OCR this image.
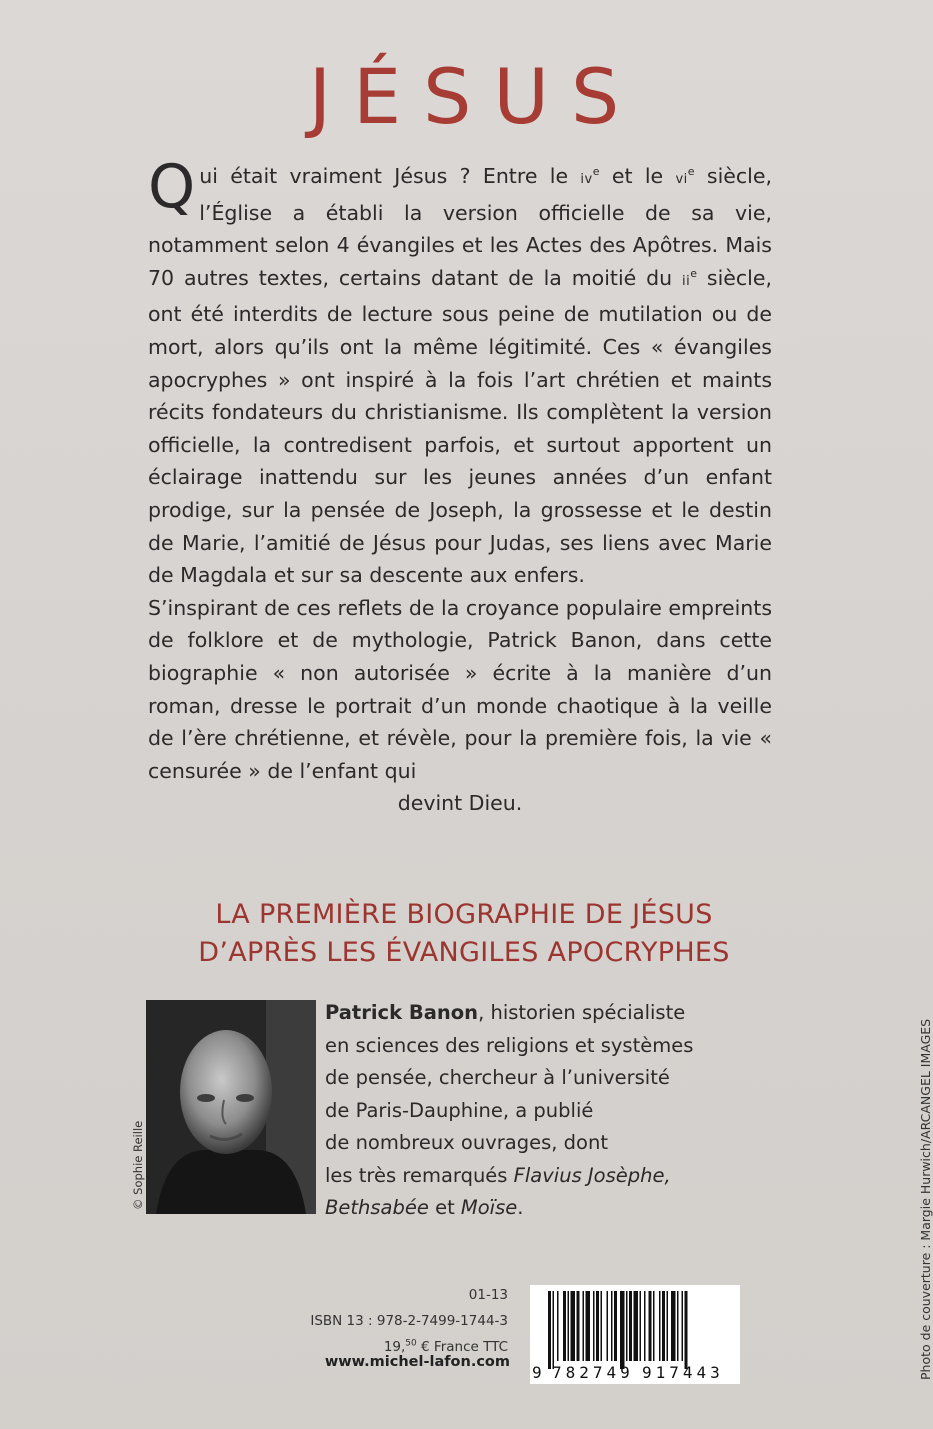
JÉSUS

Qui était vraiment Jésus ? Entre le $iv^e$ et le $vi^e$ siècle, l’Église a établi la version officielle de sa vie, notamment selon 4 évangiles et les Actes des Apôtres. Mais 70 autres textes, certains datant de la moitié du $ii^e$ siècle, ont été interdits de lecture sous peine de mutilation ou de mort, alors qu’ils ont la même légitimité. Ces « évangiles apocryphes » ont inspiré à la fois l’art chrétien et maints récits fondateurs du christianisme. Ils complètent la version officielle, la contredisent parfois, et surtout apportent un éclairage inattendu sur les jeunes années d’un enfant prodige, sur la pensée de Joseph, la grossesse et le destin de Marie, l’amitié de Jésus pour Judas, ses liens avec Marie de Magdala et sur sa descente aux enfers.

S’inspirant de ces reflets de la croyance populaire empreints de folklore et de mythologie, Patrick Banon, dans cette biographie « non autorisée » écrite à la manière d’un roman, dresse le portrait d’un monde chaotique à la veille de l’ère chrétienne, et révèle, pour la première fois, la vie « censurée » de l’enfant qui

devint Dieu.

LA PREMIÈRE BIOGRAPHIE DE JÉSUS
D’APRÈS LES ÉVANGILES APOCRYPHES
© Sophie Reille
Patrick Banon, historien spécialiste
en sciences des religions et systèmes
de pensée, chercheur à l’université
de Paris-Dauphine, a publié
de nombreux ouvrages, dont
les très remarqués Flavius Josèphe,
Bethsabée et Moïse.
01-13
ISBN 13 : 978-2-7499-1744-3
19,50 € France TTC
www.michel-lafon.com
9 782749 917443	Photo de couverture : Margie Hurwich/ARCANGEL IMAGES
